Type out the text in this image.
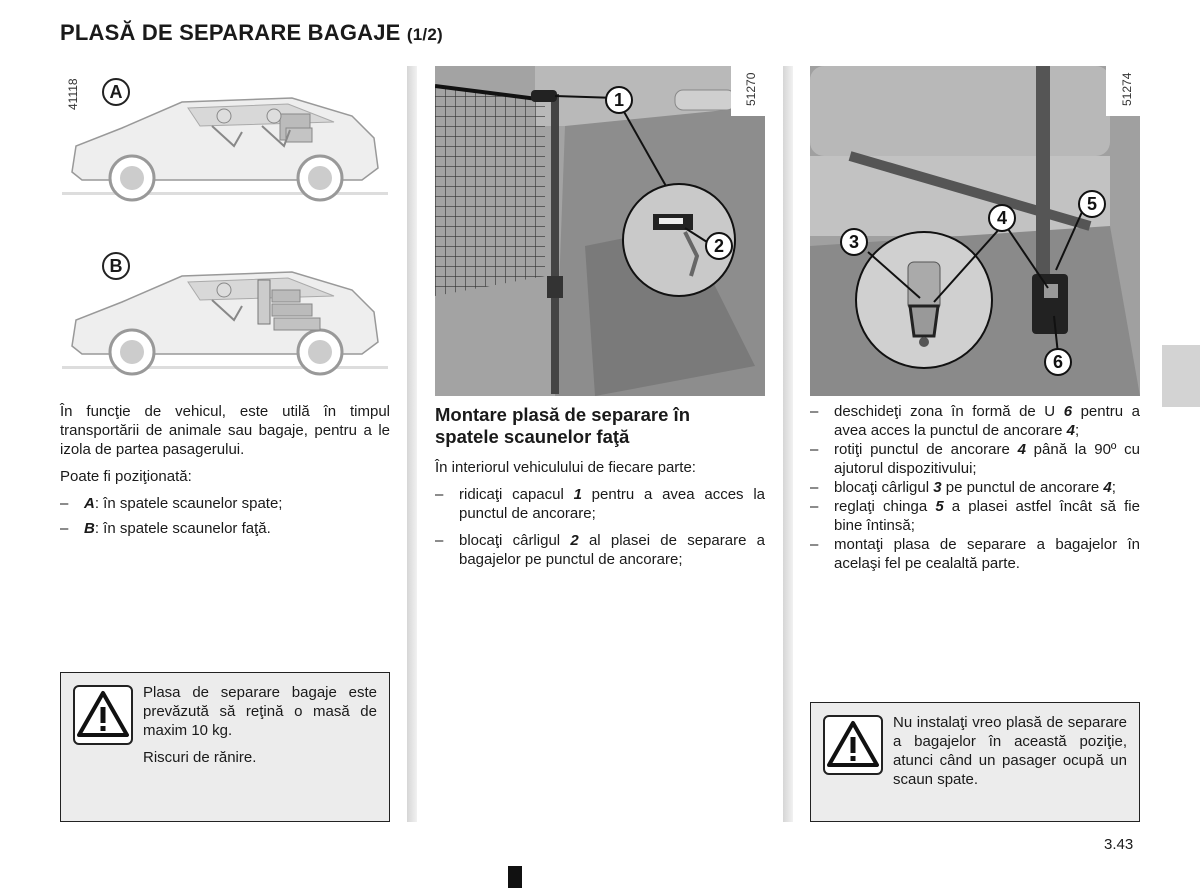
PLASĂ DE SEPARARE BAGAJE (1/2)
41118	A
B

În funcţie de vehicul, este utilă în timpul transportării de animale sau bagaje, pentru a le izola de partea pasagerului.

Poate fi poziţionată:

–	A: în spatele scaunelor spate;
–	B: în spatele scaunelor faţă.

Plasa de separare bagaje este prevăzută să reţină o masă de maxim 10 kg.

Riscuri de rănire.

1
2
51270
Montare plasă de separare în spatele scaunelor faţă

În interiorul vehiculului de fiecare parte:

–	ridicaţi capacul 1 pentru a avea acces la punctul de ancorare;
–	blocaţi cârligul 2 al plasei de separare a bagajelor pe punctul de ancorare;
3
4
5
6
51274
–	deschideţi zona în formă de U 6 pentru a avea acces la punctul de ancorare 4;
–	rotiţi punctul de ancorare 4 până la 90º cu ajutorul dispozitivului;
–	blocaţi cârligul 3 pe punctul de ancorare 4;
–	reglaţi chinga 5 a plasei astfel încât să fie bine întinsă;
–	montaţi plasa de separare a bagajelor în acelaşi fel pe cealaltă parte.
Nu instalaţi vreo plasă de separare a bagajelor în această poziţie, atunci când un pasager ocupă un scaun spate.
3.43
